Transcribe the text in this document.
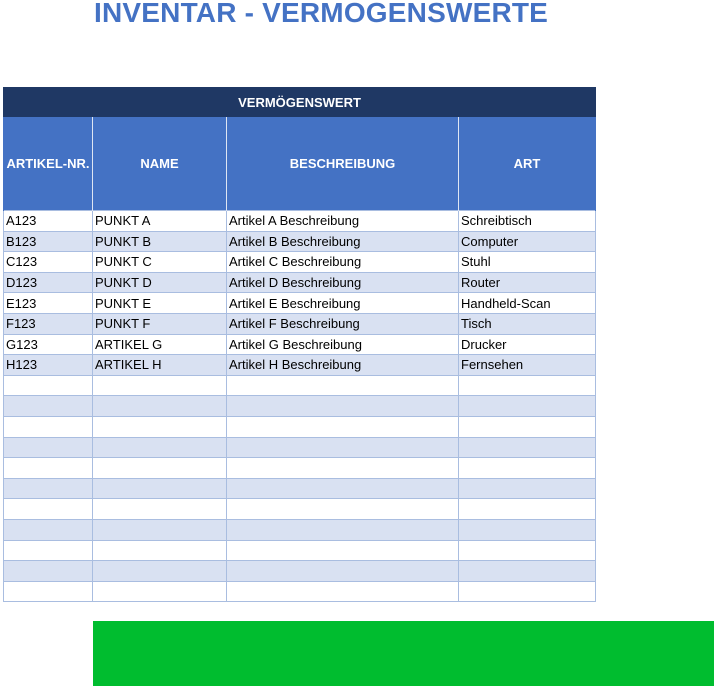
INVENTAR - VERMOGENSWERTE
VERMÖGENSWERT			
ARTIKEL-NR.	NAME	BESCHREIBUNG	ART
A123	PUNKT A	Artikel A Beschreibung	Schreibtisch
B123	PUNKT B	Artikel B Beschreibung	Computer
C123	PUNKT C	Artikel C Beschreibung	Stuhl
D123	PUNKT D	Artikel D Beschreibung	Router
E123	PUNKT E	Artikel E Beschreibung	Handheld-Scan
F123	PUNKT F	Artikel F Beschreibung	Tisch
G123	ARTIKEL G	Artikel G Beschreibung	Drucker
H123	ARTIKEL H	Artikel H Beschreibung	Fernsehen
